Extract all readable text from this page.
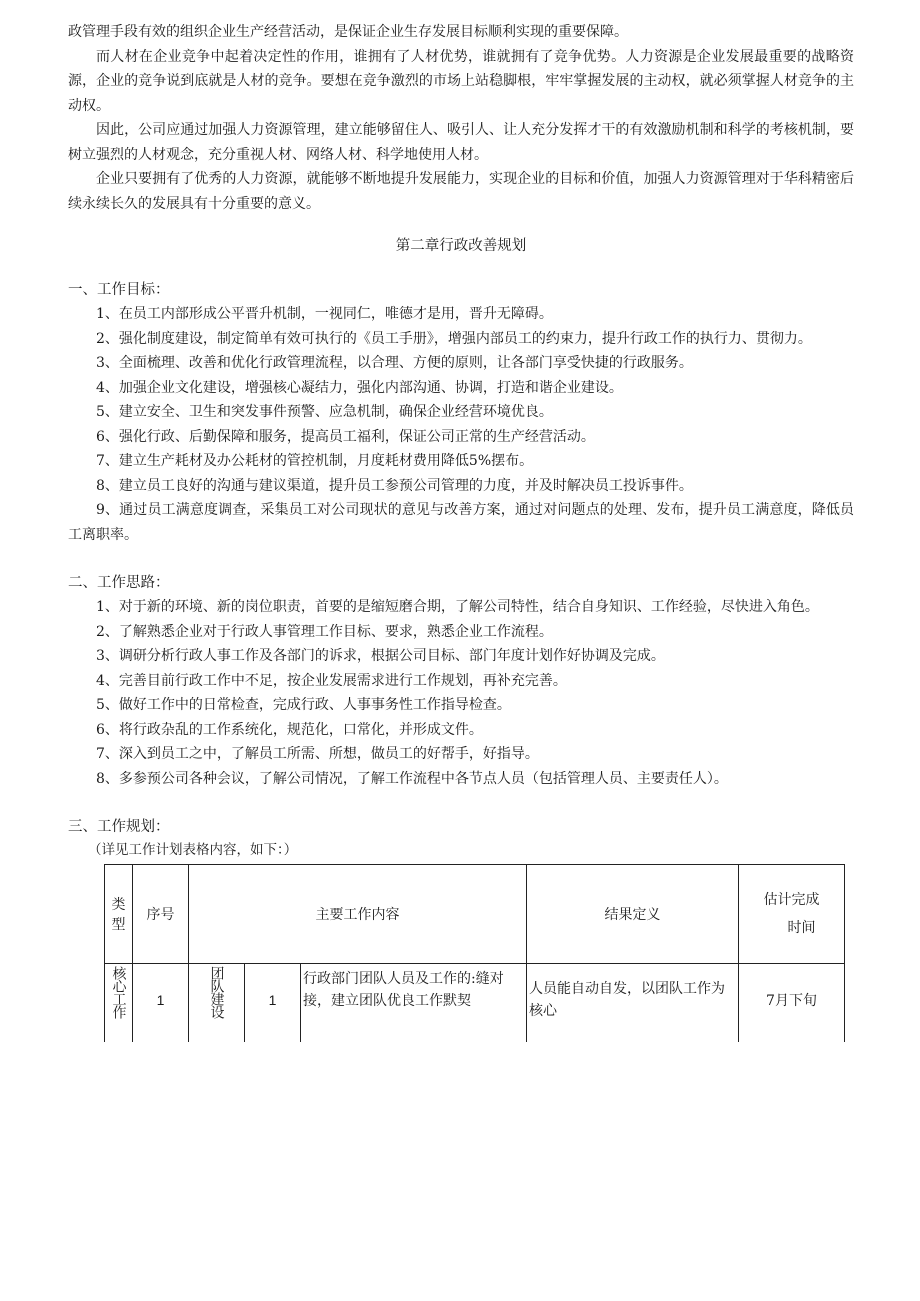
政管理手段有效的组织企业生产经营活动，是保证企业生存发展目标顺利实现的重要保障。

而人材在企业竞争中起着决定性的作用，谁拥有了人材优势，谁就拥有了竞争优势。人力资源是企业发展最重要的战略资源，企业的竞争说到底就是人材的竞争。要想在竞争激烈的市场上站稳脚根，牢牢掌握发展的主动权，就必须掌握人材竞争的主动权。

因此，公司应通过加强人力资源管理，建立能够留住人、吸引人、让人充分发挥才干的有效激励机制和科学的考核机制，要树立强烈的人材观念，充分重视人材、网络人材、科学地使用人材。

企业只要拥有了优秀的人力资源，就能够不断地提升发展能力，实现企业的目标和价值，加强人力资源管理对于华科精密后续永续长久的发展具有十分重要的意义。

第二章行政改善规划
一、工作目标：
1、在员工内部形成公平晋升机制，一视同仁，唯德才是用，晋升无障碍。
2、强化制度建设，制定简单有效可执行的《员工手册》，增强内部员工的约束力，提升行政工作的执行力、贯彻力。
3、全面梳理、改善和优化行政管理流程，以合理、方便的原则，让各部门享受快捷的行政服务。
4、加强企业文化建设，增强核心凝结力，强化内部沟通、协调，打造和谐企业建设。
5、建立安全、卫生和突发事件预警、应急机制，确保企业经营环境优良。
6、强化行政、后勤保障和服务，提高员工福利，保证公司正常的生产经营活动。
7、建立生产耗材及办公耗材的管控机制，月度耗材费用降低5%摆布。
8、建立员工良好的沟通与建议渠道，提升员工参预公司管理的力度，并及时解决员工投诉事件。
9、通过员工满意度调查，采集员工对公司现状的意见与改善方案，通过对问题点的处理、发布，提升员工满意度，降低员工离职率。
二、工作思路：
1、对于新的环境、新的岗位职责，首要的是缩短磨合期，了解公司特性，结合自身知识、工作经验，尽快进入角色。
2、了解熟悉企业对于行政人事管理工作目标、要求，熟悉企业工作流程。
3、调研分析行政人事工作及各部门的诉求，根据公司目标、部门年度计划作好协调及完成。
4、完善目前行政工作中不足，按企业发展需求进行工作规划，再补充完善。
5、做好工作中的日常检查，完成行政、人事事务性工作指导检查。
6、将行政杂乱的工作系统化，规范化，口常化，并形成文件。
7、深入到员工之中，了解员工所需、所想，做员工的好帮手，好指导。
8、多参预公司各种会议，了解公司情况，了解工作流程中各节点人员（包括管理人员、主要责任人）。
三、工作规划：
（详见工作计划表格内容，如下：）
类型	序号	主要工作内容			结果定义	估计完成
时间

核心工作	1	团队建设	1	行政部门团队人员及工作的:缝对接，建立团队优良工作默契	人员能自动自发，以团队工作为核心	7月下旬
